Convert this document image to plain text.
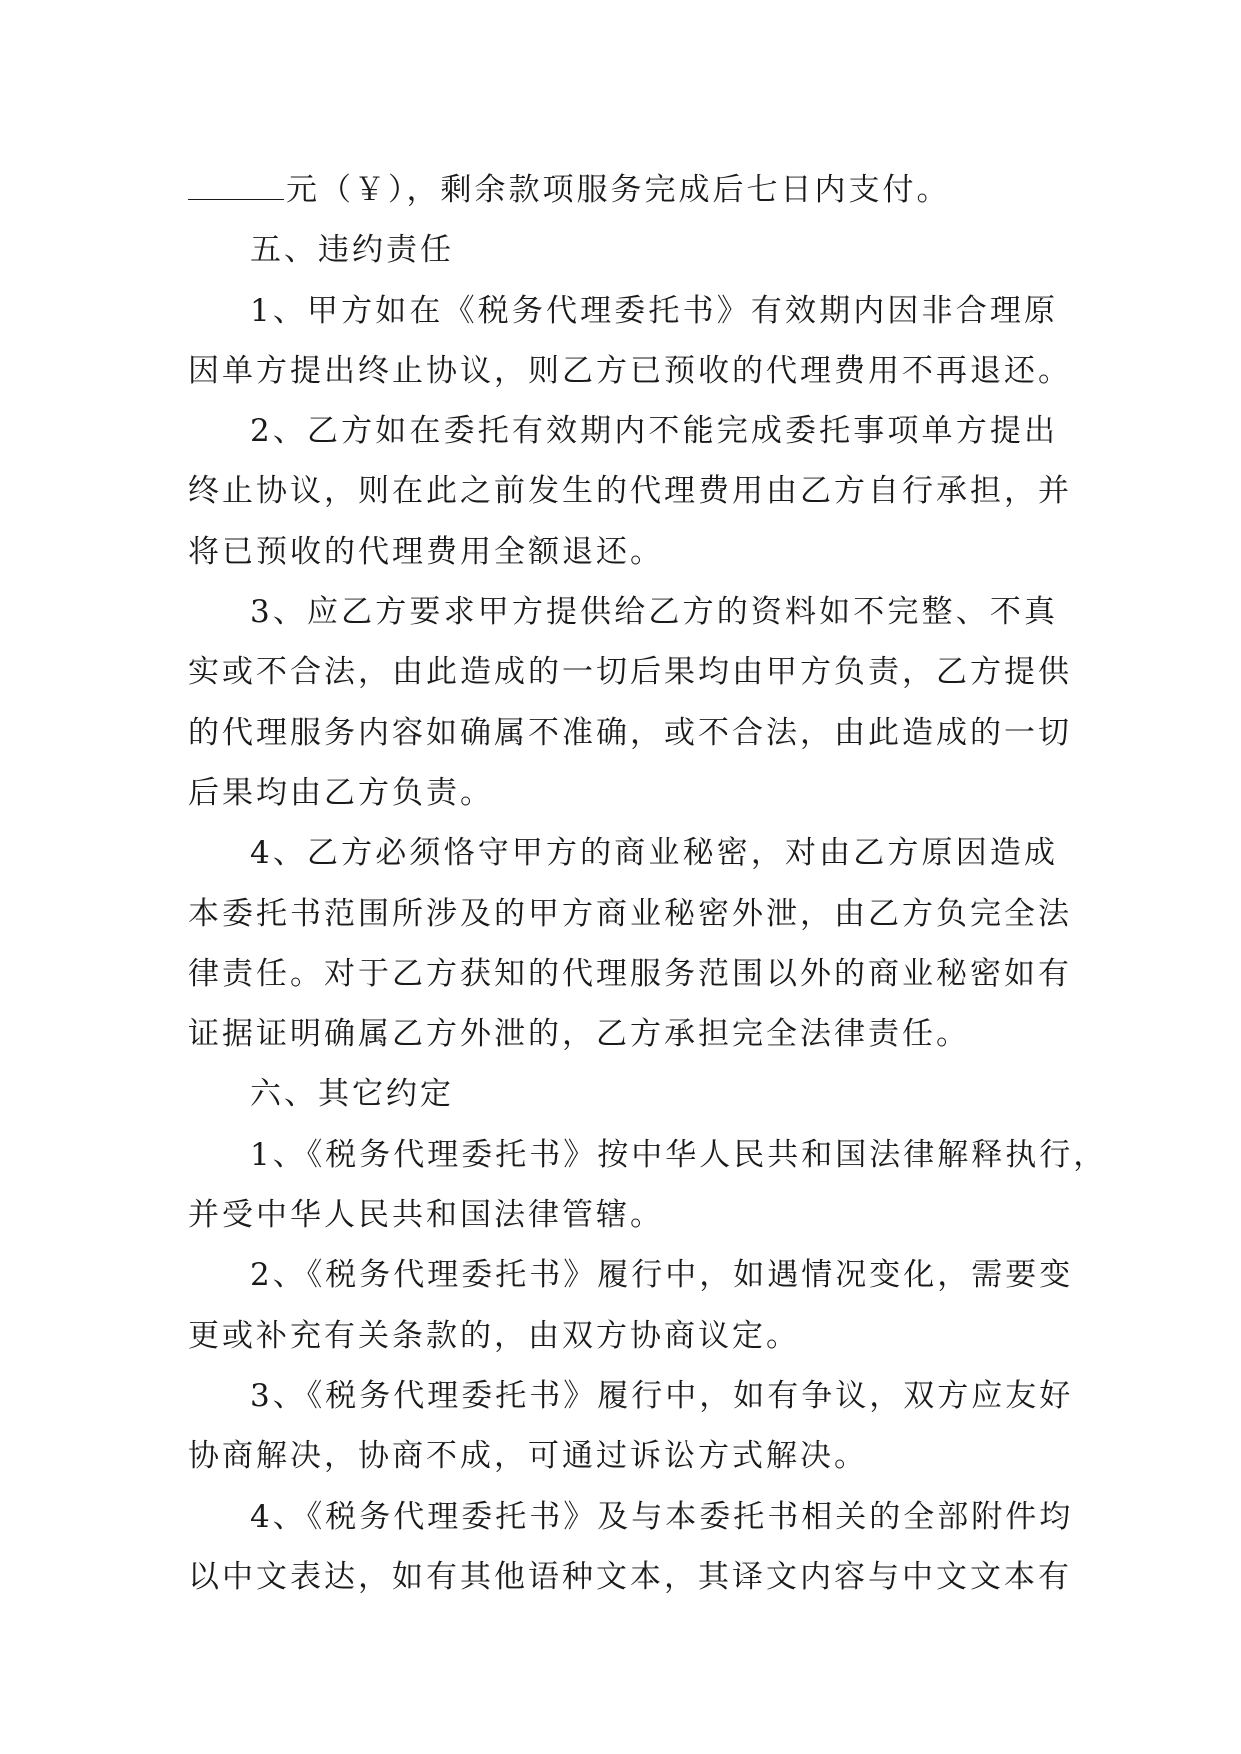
元（￥），剩余款项服务完成后七日内支付。
五、违约责任
1、甲方如在《税务代理委托书》有效期内因非合理原
因单方提出终止协议，则乙方已预收的代理费用不再退还。
2、乙方如在委托有效期内不能完成委托事项单方提出
终止协议，则在此之前发生的代理费用由乙方自行承担，并
将已预收的代理费用全额退还。
3、应乙方要求甲方提供给乙方的资料如不完整、不真
实或不合法，由此造成的一切后果均由甲方负责，乙方提供
的代理服务内容如确属不准确，或不合法，由此造成的一切
后果均由乙方负责。
4、乙方必须恪守甲方的商业秘密，对由乙方原因造成
本委托书范围所涉及的甲方商业秘密外泄，由乙方负完全法
律责任。对于乙方获知的代理服务范围以外的商业秘密如有
证据证明确属乙方外泄的，乙方承担完全法律责任。
六、其它约定
1、《税务代理委托书》按中华人民共和国法律解释执行，
并受中华人民共和国法律管辖。
2、《税务代理委托书》履行中，如遇情况变化，需要变
更或补充有关条款的，由双方协商议定。
3、《税务代理委托书》履行中，如有争议，双方应友好
协商解决，协商不成，可通过诉讼方式解决。
4、《税务代理委托书》及与本委托书相关的全部附件均
以中文表达，如有其他语种文本，其译文内容与中文文本有
